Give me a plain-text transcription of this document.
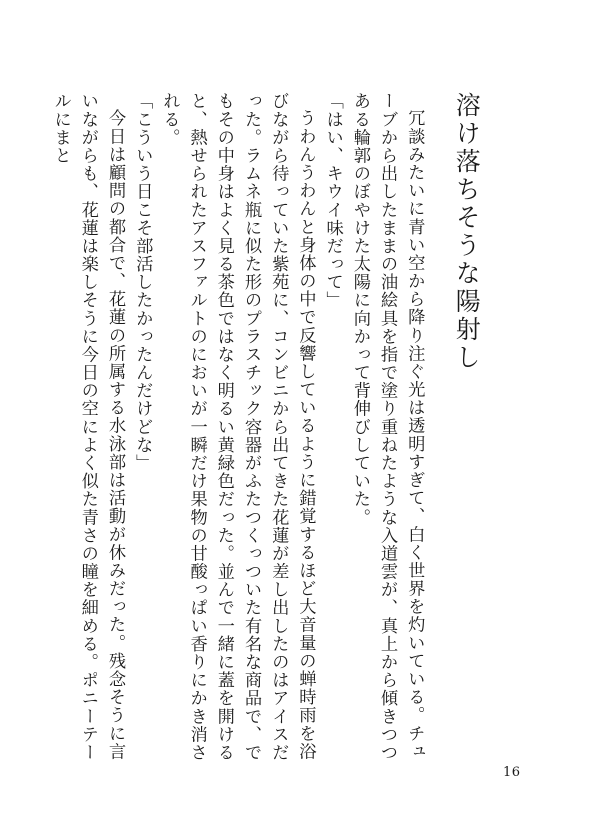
溶け落ちそうな陽射し

冗談みたいに青い空から降り注ぐ光は透明すぎて、白く世界を灼いている。チューブから出したままの油絵具を指で塗り重ねたような入道雲が、真上から傾きつつある輪郭のぼやけた太陽に向かって背伸びしていた。

「はい、キウイ味だって」

うわんうわんと身体の中で反響しているように錯覚するほど大音量の蝉時雨を浴びながら待っていた紫苑に、コンビニから出てきた花蓮が差し出したのはアイスだった。ラムネ瓶に似た形のプラスチック容器がふたつくっついた有名な商品で、でもその中身はよく見る茶色ではなく明るい黄緑色だった。並んで一緒に蓋を開けると、熱せられたアスファルトのにおいが一瞬だけ果物の甘酸っぱい香りにかき消される。

「こういう日こそ部活したかったんだけどな」

今日は顧問の都合で、花蓮の所属する水泳部は活動が休みだった。残念そうに言いながらも、花蓮は楽しそうに今日の空によく似た青さの瞳を細める。ポニーテールにまと

16
